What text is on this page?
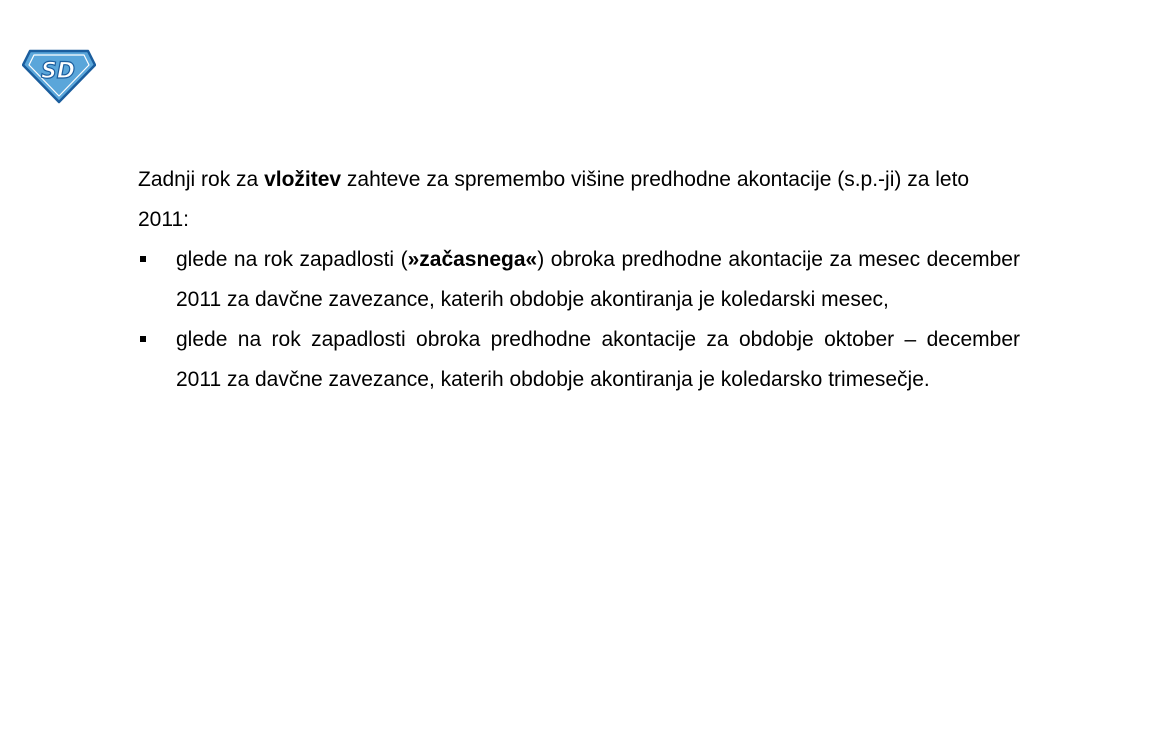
SD

Zadnji rok za vložitev zahteve za spremembo višine predhodne akontacije (s.p.-ji) za leto 2011:

glede na rok zapadlosti (»začasnega«) obroka predhodne akontacije za mesec december 2011 za davčne zavezance, katerih obdobje akontiranja je koledarski mesec,
glede na rok zapadlosti obroka predhodne akontacije za obdobje oktober – december 2011 za davčne zavezance, katerih obdobje akontiranja je koledarsko trimesečje.
